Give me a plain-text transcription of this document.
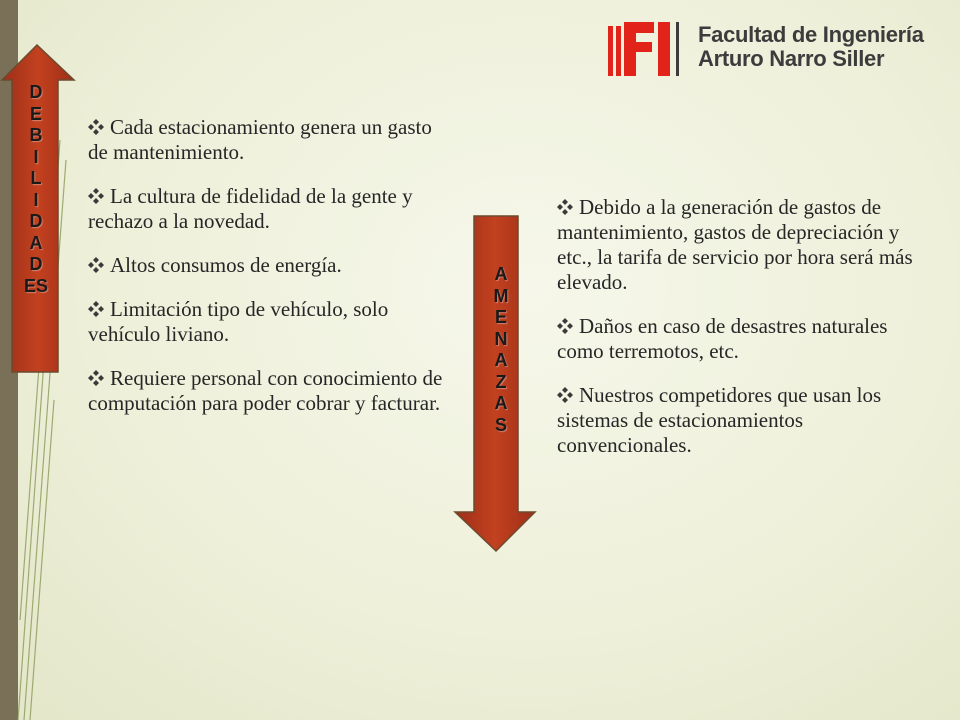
Facultad de Ingeniería
Arturo Narro Siller
D
E
B
I
L
I
D
A
D
ES
A
M
E
N
A
Z
A
S

Cada estacionamiento genera un gasto de mantenimiento.

La cultura de fidelidad de la gente y rechazo a la novedad.

Altos consumos de energía.

Limitación tipo de vehículo, solo vehículo liviano.

Requiere personal con conocimiento de computación para poder cobrar y facturar.

Debido a la generación de gastos de mantenimiento, gastos de depreciación y etc., la tarifa de servicio por hora será más elevado.

Daños en caso de desastres naturales como terremotos, etc.

Nuestros competidores que usan los sistemas de estacionamientos convencionales.
